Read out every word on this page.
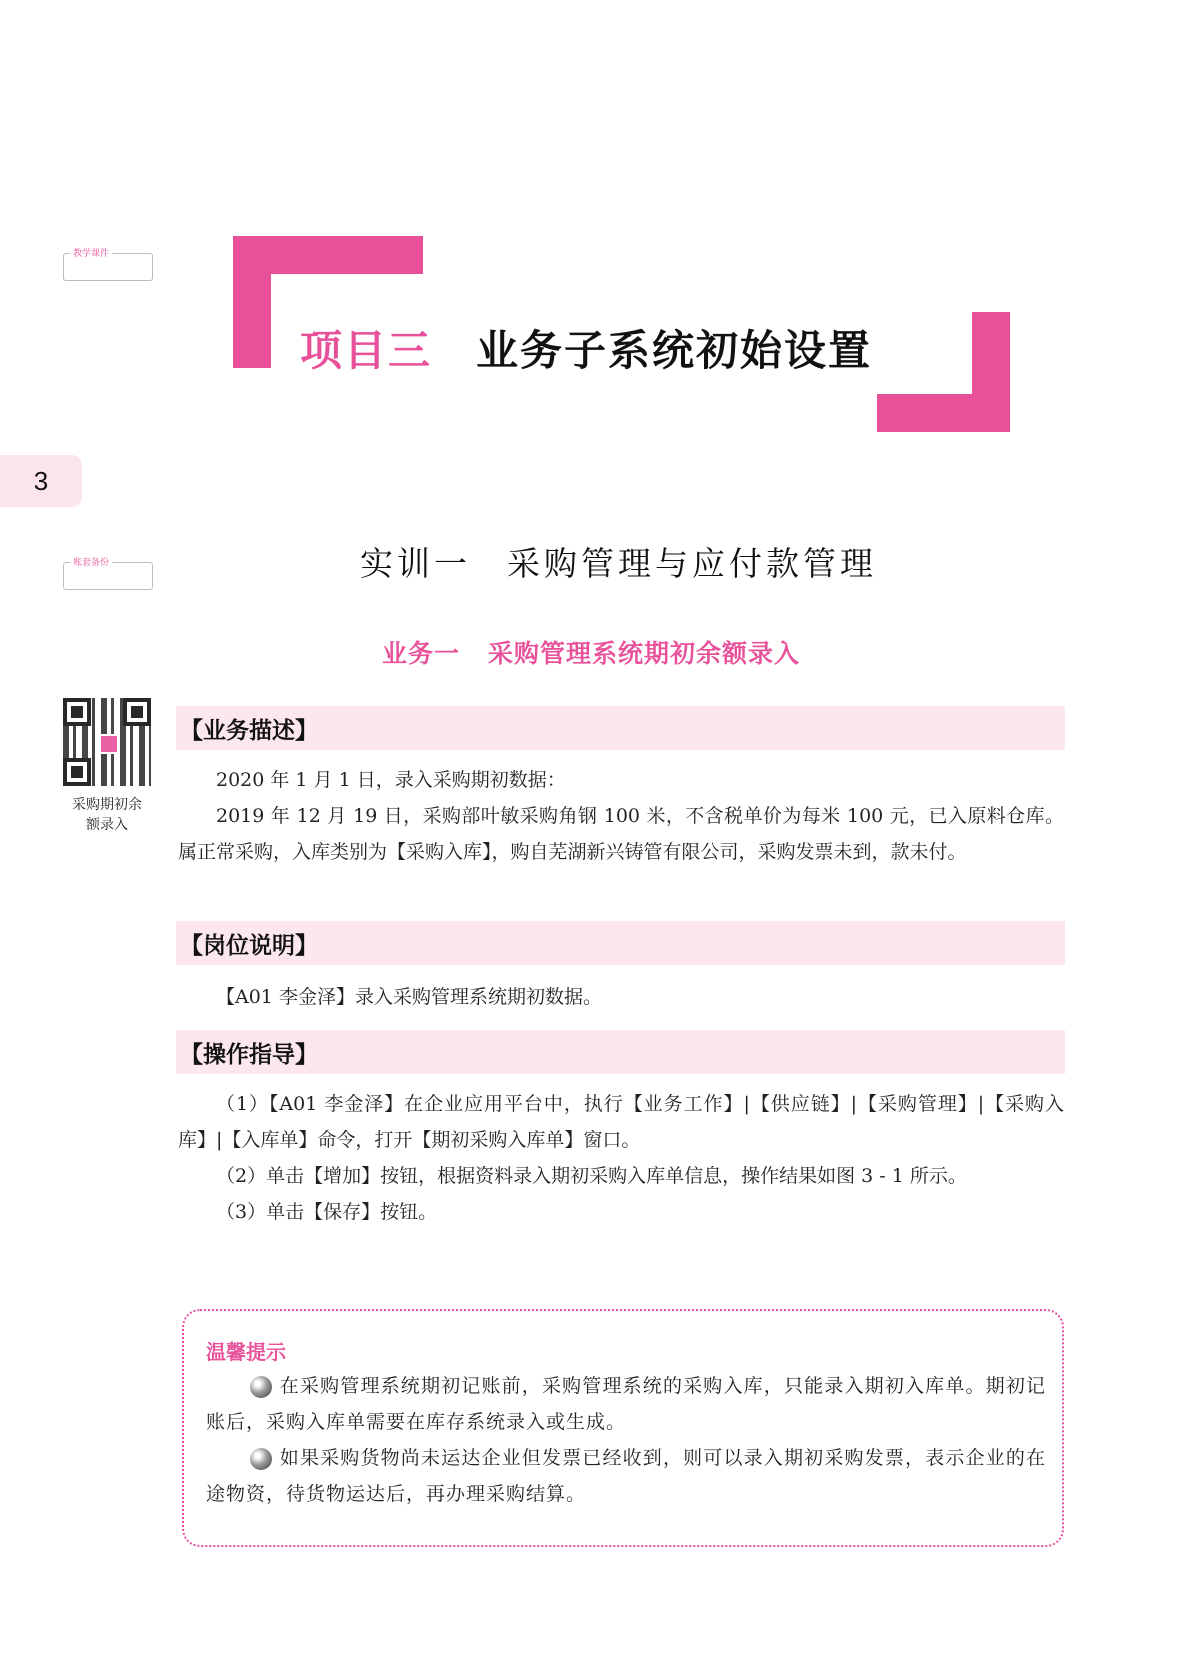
教学课件
账套备份
项目三 业务子系统初始设置
3
实训一 采购管理与应付款管理
业务一 采购管理系统期初余额录入
采购期初余
额录入
【业务描述】

2020 年 1 月 1 日，录入采购期初数据：

2019 年 12 月 19 日，采购部叶敏采购角钢 100 米，不含税单价为每米 100 元，已入原料仓库。属正常采购，入库类别为【采购入库】，购自芜湖新兴铸管有限公司，采购发票未到，款未付。

【岗位说明】

【A01 李金泽】录入采购管理系统期初数据。

【操作指导】

（1）【A01 李金泽】在企业应用平台中，执行【业务工作】|【供应链】|【采购管理】|【采购入库】|【入库单】命令，打开【期初采购入库单】窗口。

（2）单击【增加】按钮，根据资料录入期初采购入库单信息，操作结果如图 3 - 1 所示。

（3）单击【保存】按钮。

温馨提示

在采购管理系统期初记账前，采购管理系统的采购入库，只能录入期初入库单。期初记账后，采购入库单需要在库存系统录入或生成。

如果采购货物尚未运达企业但发票已经收到，则可以录入期初采购发票，表示企业的在途物资，待货物运达后，再办理采购结算。
